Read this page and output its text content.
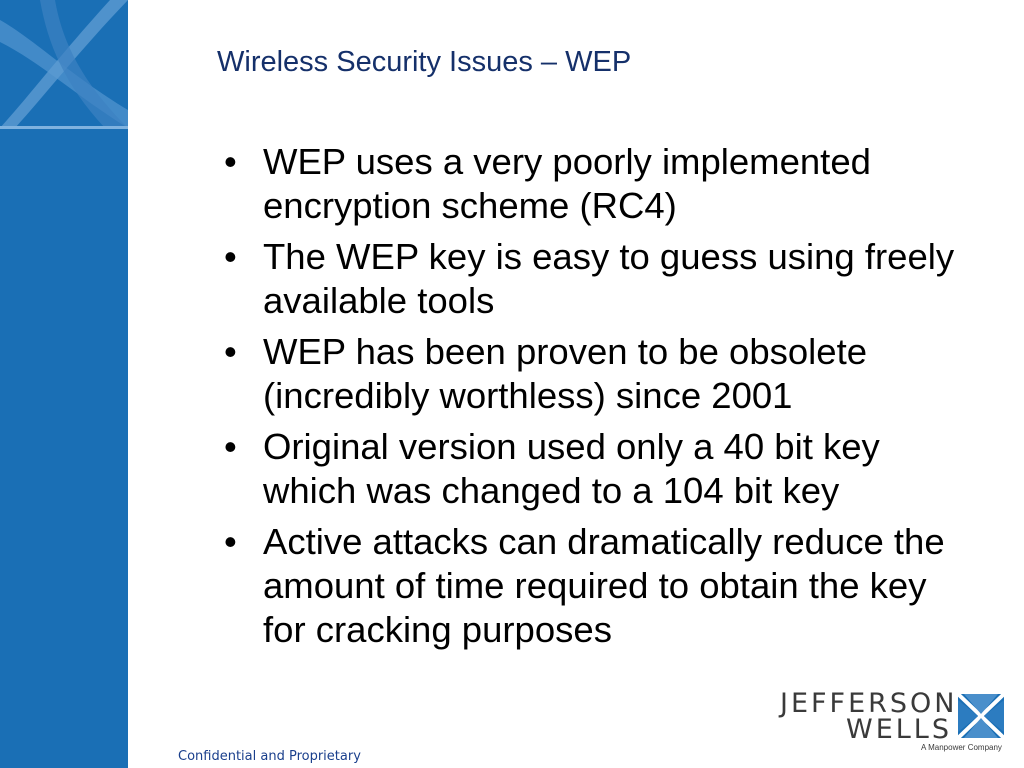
Wireless Security Issues – WEP
• WEP uses a very poorly implemented encryption scheme (RC4)
• The WEP key is easy to guess using freely available tools
• WEP has been proven to be obsolete (incredibly worthless) since 2001
• Original version used only a 40 bit key which was changed to a 104 bit key
• Active attacks can dramatically reduce the amount of time required to obtain the key for cracking purposes
Confidential and Proprietary
JEFFERSON
WELLS
A Manpower Company
